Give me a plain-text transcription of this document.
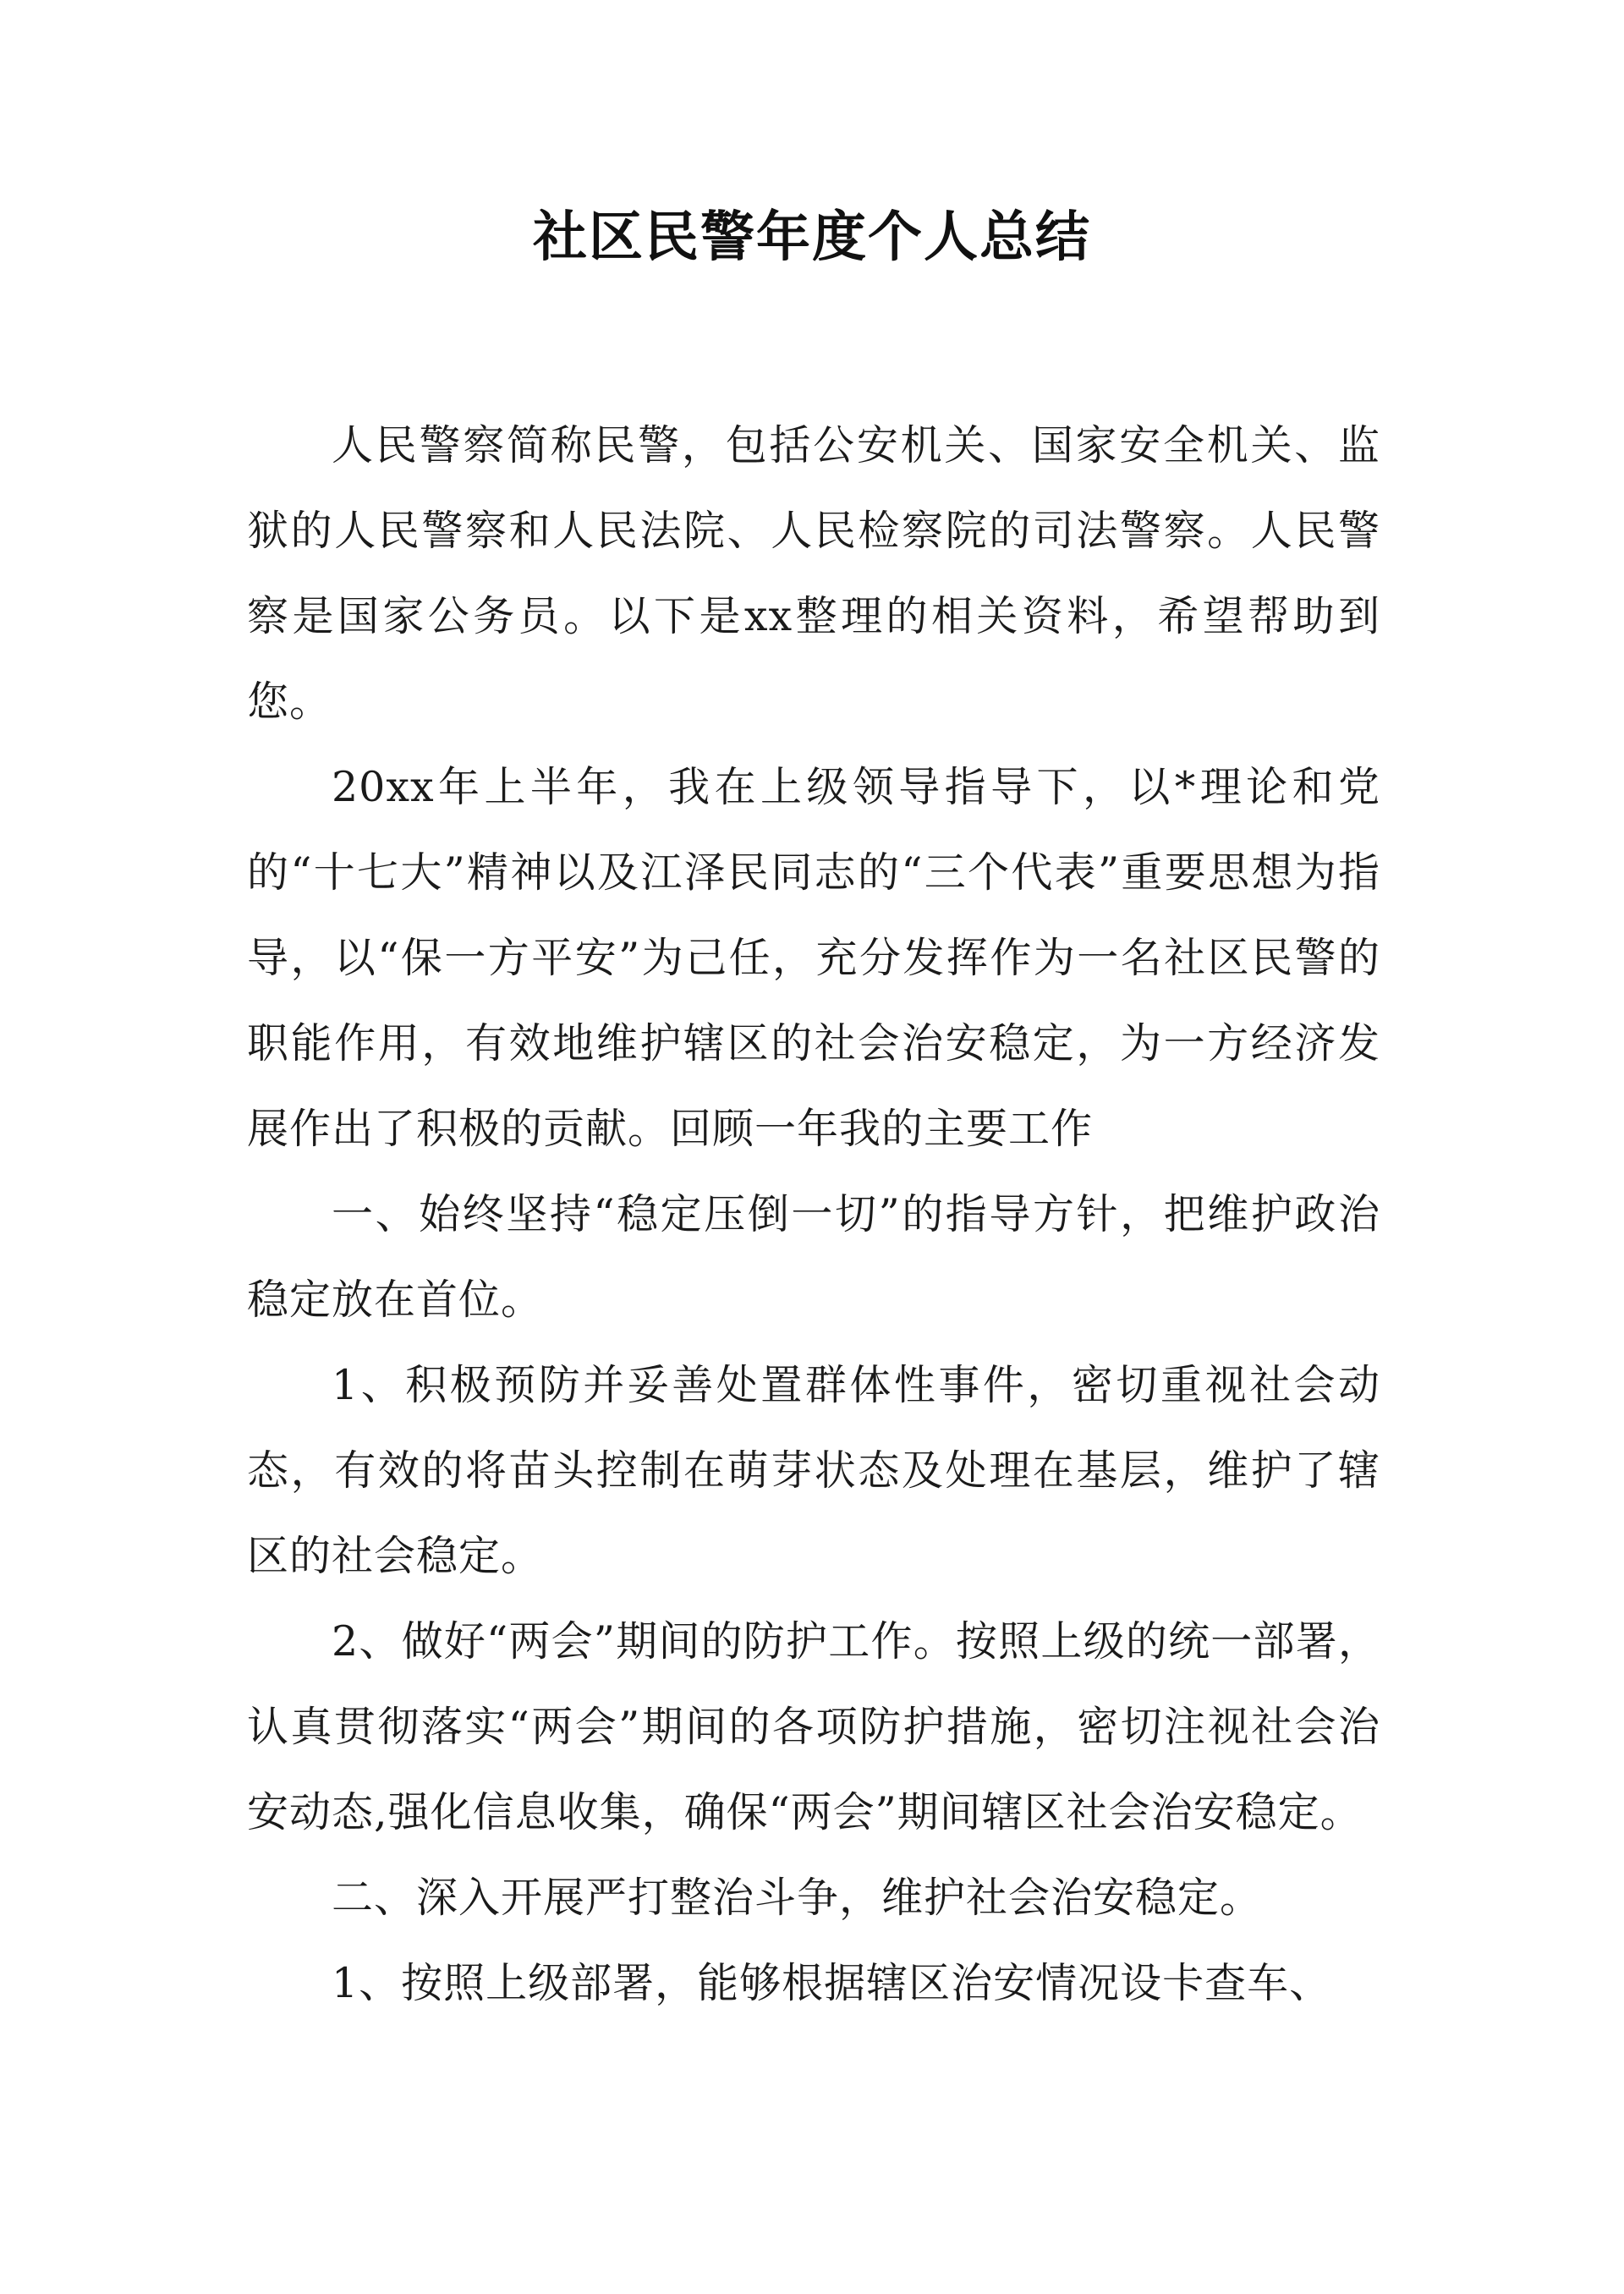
社区民警年度个人总结

人民警察简称民警，包括公安机关、国家安全机关、监狱的人民警察和人民法院、人民检察院的司法警察。人民警察是国家公务员。以下是xx整理的相关资料，希望帮助到您。

20xx年上半年，我在上级领导指导下，以*理论和党的“十七大”精神以及江泽民同志的“三个代表”重要思想为指导，以“保一方平安”为己任，充分发挥作为一名社区民警的职能作用，有效地维护辖区的社会治安稳定，为一方经济发展作出了积极的贡献。回顾一年我的主要工作

一、始终坚持“稳定压倒一切”的指导方针，把维护政治稳定放在首位。

1、积极预防并妥善处置群体性事件，密切重视社会动态，有效的将苗头控制在萌芽状态及处理在基层，维护了辖区的社会稳定。

2、做好“两会”期间的防护工作。按照上级的统一部署，认真贯彻落实“两会”期间的各项防护措施，密切注视社会治安动态,强化信息收集，确保“两会”期间辖区社会治安稳定。

二、深入开展严打整治斗争，维护社会治安稳定。

1、按照上级部署，能够根据辖区治安情况设卡查车、
